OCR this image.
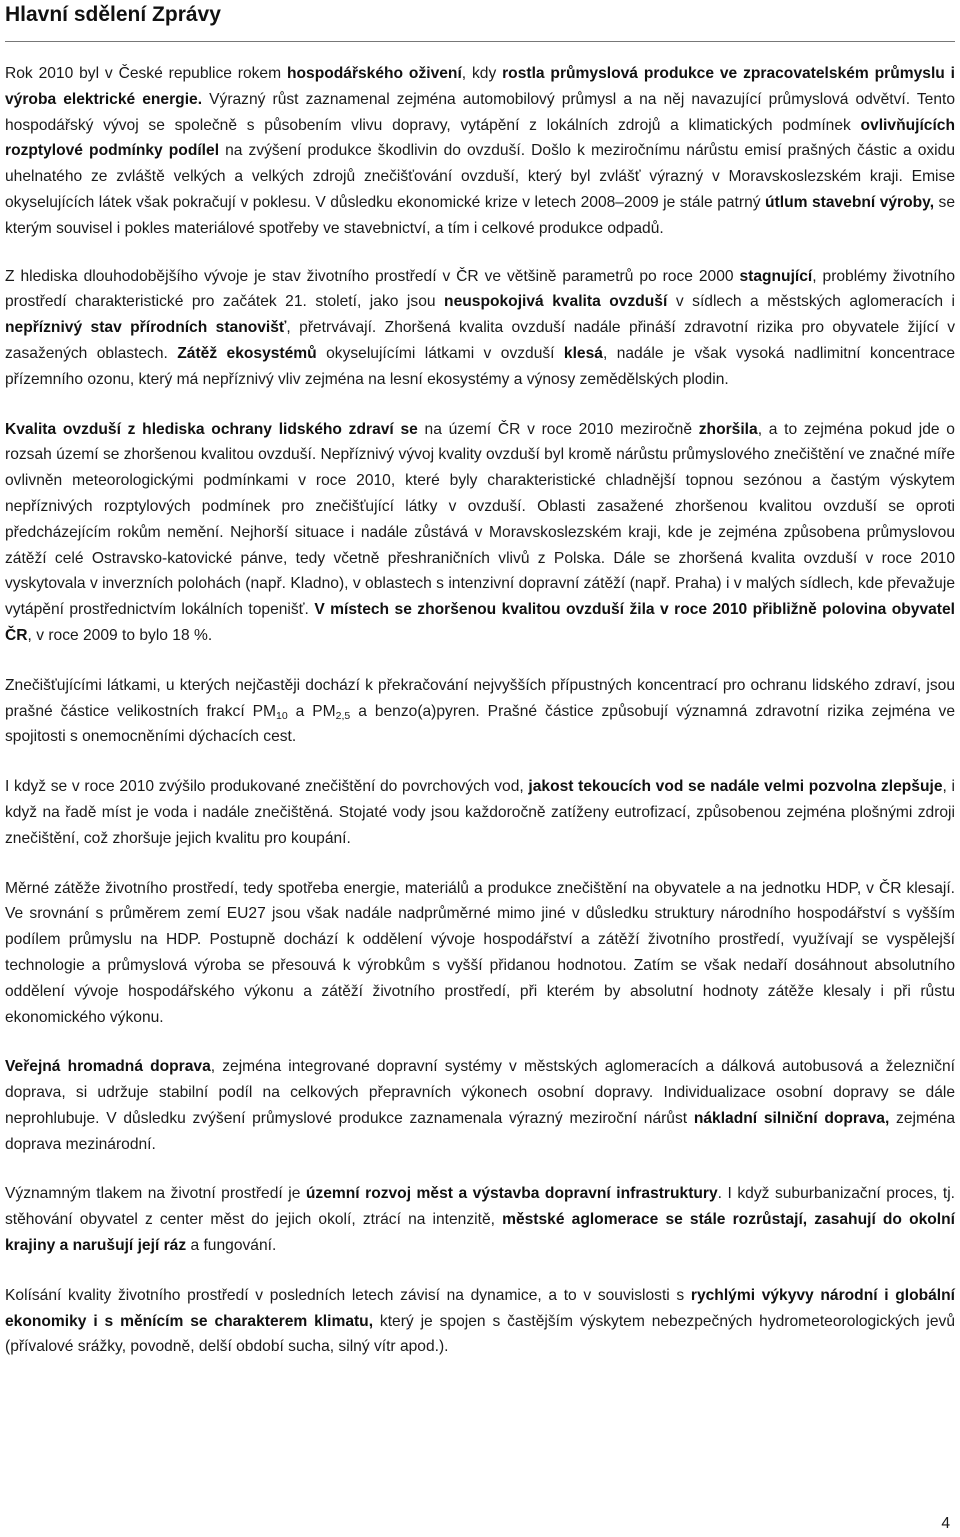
Hlavní sdělení Zprávy

Rok 2010 byl v České republice rokem hospodářského oživení, kdy rostla průmyslová produkce ve zpracovatelském průmyslu i výroba elektrické energie. Výrazný růst zaznamenal zejména automobilový průmysl a na něj navazující průmyslová odvětví. Tento hospodářský vývoj se společně s působením vlivu dopravy, vytápění z lokálních zdrojů a klimatických podmínek ovlivňujících rozptylové podmínky podílel na zvýšení produkce škodlivin do ovzduší. Došlo k meziročnímu nárůstu emisí prašných částic a oxidu uhelnatého ze zvláště velkých a velkých zdrojů znečišťování ovzduší, který byl zvlášť výrazný v Moravskoslezském kraji. Emise okyselujících látek však pokračují v poklesu. V důsledku ekonomické krize v letech 2008–2009 je stále patrný útlum stavební výroby, se kterým souvisel i pokles materiálové spotřeby ve stavebnictví, a tím i celkové produkce odpadů.

Z hlediska dlouhodobějšího vývoje je stav životního prostředí v ČR ve většině parametrů po roce 2000 stagnující, problémy životního prostředí charakteristické pro začátek 21. století, jako jsou neuspokojivá kvalita ovzduší v sídlech a městských aglomeracích i nepříznivý stav přírodních stanovišť, přetrvávají. Zhoršená kvalita ovzduší nadále přináší zdravotní rizika pro obyvatele žijící v zasažených oblastech. Zátěž ekosystémů okyselujícími látkami v ovzduší klesá, nadále je však vysoká nadlimitní koncentrace přízemního ozonu, který má nepříznivý vliv zejména na lesní ekosystémy a výnosy zemědělských plodin.

Kvalita ovzduší z hlediska ochrany lidského zdraví se na území ČR v roce 2010 meziročně zhoršila, a to zejména pokud jde o rozsah území se zhoršenou kvalitou ovzduší. Nepříznivý vývoj kvality ovzduší byl kromě nárůstu průmyslového znečištění ve značné míře ovlivněn meteorologickými podmínkami v roce 2010, které byly charakteristické chladnější topnou sezónou a častým výskytem nepříznivých rozptylových podmínek pro znečišťující látky v ovzduší. Oblasti zasažené zhoršenou kvalitou ovzduší se oproti předcházejícím rokům nemění. Nejhorší situace i nadále zůstává v Moravskoslezském kraji, kde je zejména způsobena průmyslovou zátěží celé Ostravsko-katovické pánve, tedy včetně přeshraničních vlivů z Polska. Dále se zhoršená kvalita ovzduší v roce 2010 vyskytovala v inverzních polohách (např. Kladno), v oblastech s intenzivní dopravní zátěží (např. Praha) i v malých sídlech, kde převažuje vytápění prostřednictvím lokálních topenišť. V místech se zhoršenou kvalitou ovzduší žila v roce 2010 přibližně polovina obyvatel ČR, v roce 2009 to bylo 18 %.

Znečišťujícími látkami, u kterých nejčastěji dochází k překračování nejvyšších přípustných koncentrací pro ochranu lidského zdraví, jsou prašné částice velikostních frakcí $PM_{10}$ a $PM_{2,5}$ a benzo(a)pyren. Prašné částice způsobují významná zdravotní rizika zejména ve spojitosti s onemocněními dýchacích cest.

I když se v roce 2010 zvýšilo produkované znečištění do povrchových vod, jakost tekoucích vod se nadále velmi pozvolna zlepšuje, i když na řadě míst je voda i nadále znečištěná. Stojaté vody jsou každoročně zatíženy eutrofizací, způsobenou zejména plošnými zdroji znečištění, což zhoršuje jejich kvalitu pro koupání.

Měrné zátěže životního prostředí, tedy spotřeba energie, materiálů a produkce znečištění na obyvatele a na jednotku HDP, v ČR klesají. Ve srovnání s průměrem zemí EU27 jsou však nadále nadprůměrné mimo jiné v důsledku struktury národního hospodářství s vyšším podílem průmyslu na HDP. Postupně dochází k oddělení vývoje hospodářství a zátěží životního prostředí, využívají se vyspělejší technologie a průmyslová výroba se přesouvá k výrobkům s vyšší přidanou hodnotou. Zatím se však nedaří dosáhnout absolutního oddělení vývoje hospodářského výkonu a zátěží životního prostředí, při kterém by absolutní hodnoty zátěže klesaly i při růstu ekonomického výkonu.

Veřejná hromadná doprava, zejména integrované dopravní systémy v městských aglomeracích a dálková autobusová a železniční doprava, si udržuje stabilní podíl na celkových přepravních výkonech osobní dopravy. Individualizace osobní dopravy se dále neprohlubuje. V důsledku zvýšení průmyslové produkce zaznamenala výrazný meziroční nárůst nákladní silniční doprava, zejména doprava mezinárodní.

Významným tlakem na životní prostředí je územní rozvoj měst a výstavba dopravní infrastruktury. I když suburbanizační proces, tj. stěhování obyvatel z center měst do jejich okolí, ztrácí na intenzitě, městské aglomerace se stále rozrůstají, zasahují do okolní krajiny a narušují její ráz a fungování.

Kolísání kvality životního prostředí v posledních letech závisí na dynamice, a to v souvislosti s rychlými výkyvy národní i globální ekonomiky i s měnícím se charakterem klimatu, který je spojen s častějším výskytem nebezpečných hydrometeorologických jevů (přívalové srážky, povodně, delší období sucha, silný vítr apod.).

4
